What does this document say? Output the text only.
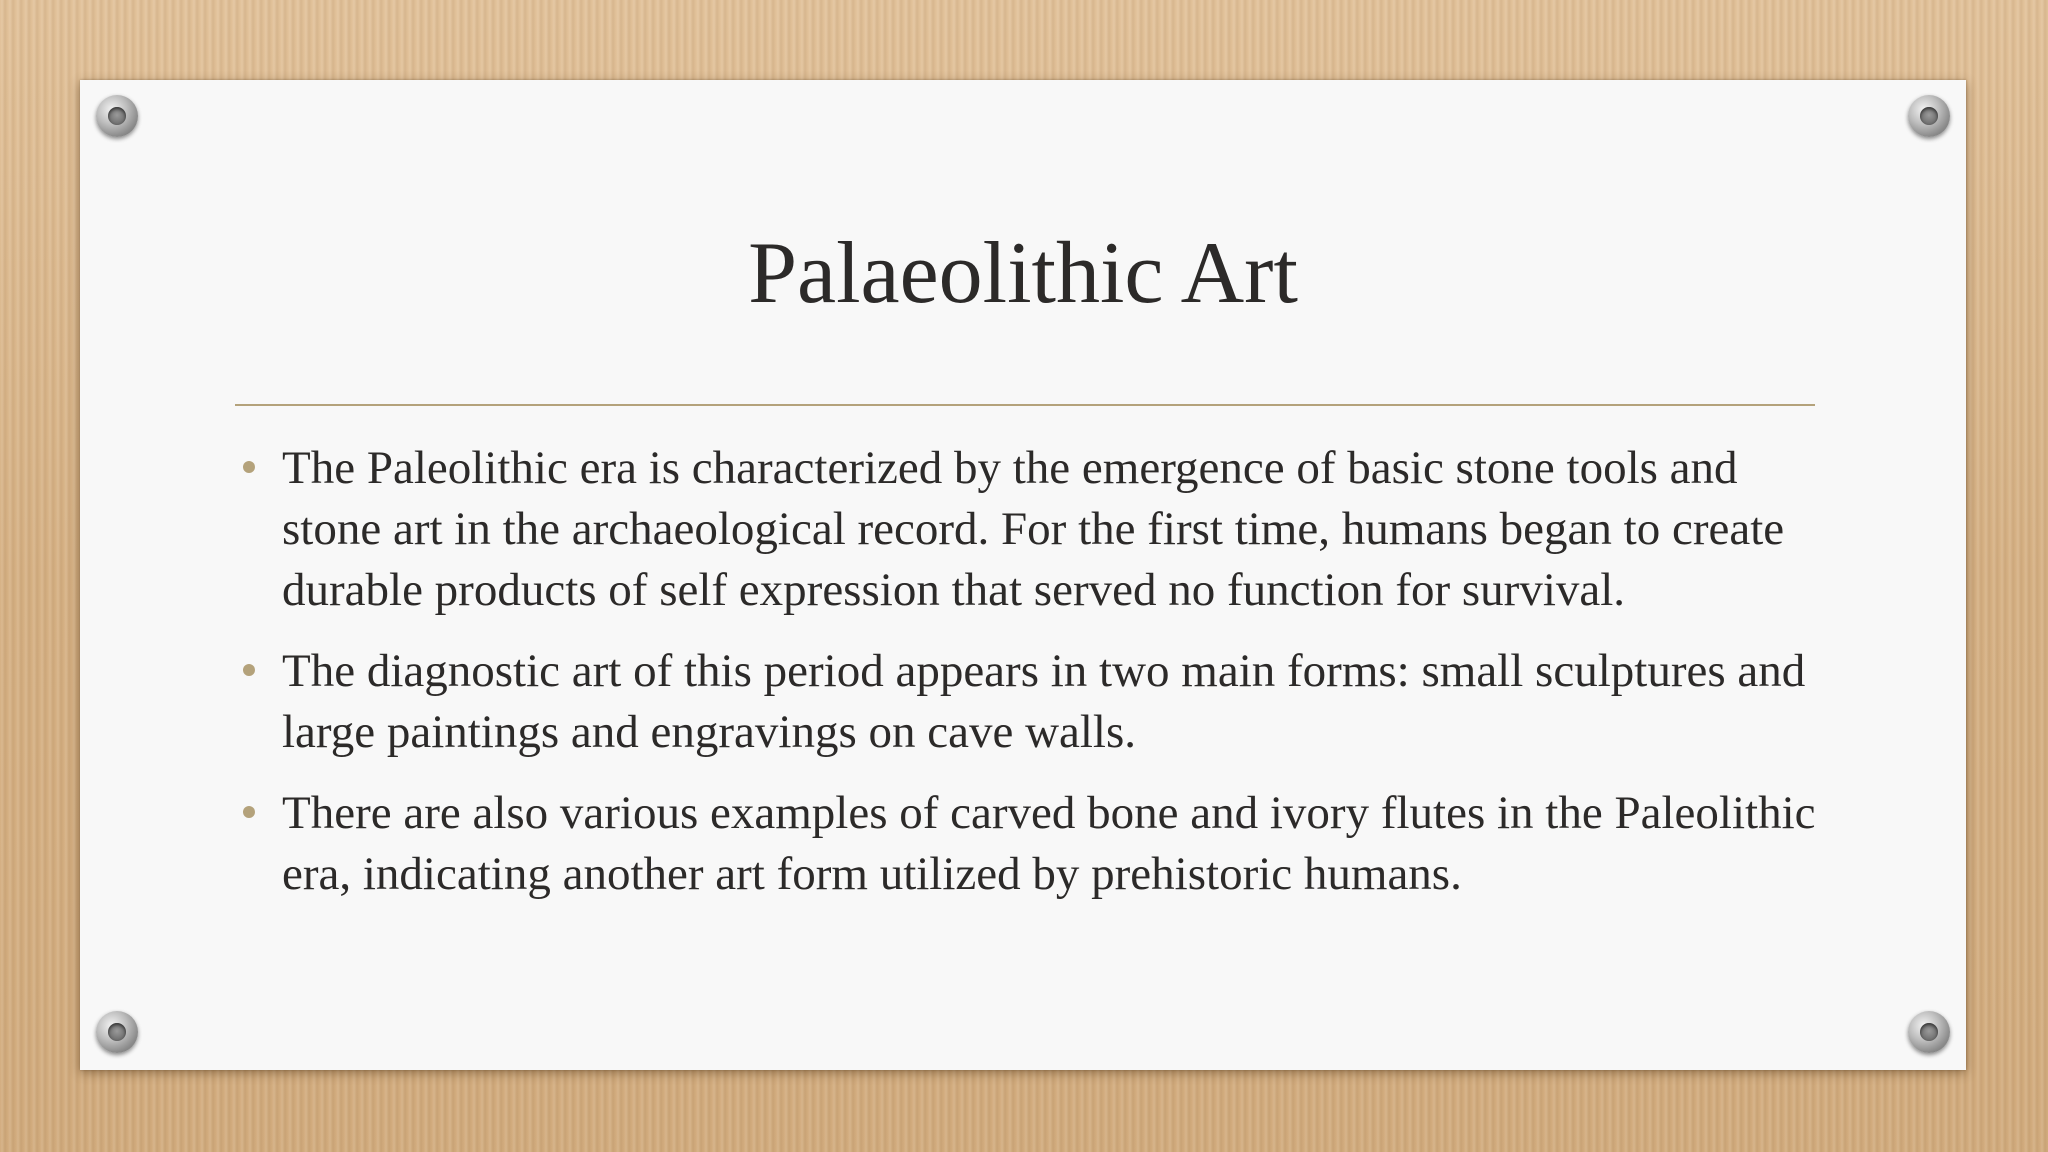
Palaeolithic Art
The Paleolithic era is characterized by the emergence of basic stone tools and stone art in the archaeological record. For the first time, humans began to create durable products of self expression that served no function for survival.
The diagnostic art of this period appears in two main forms: small sculptures and large paintings and engravings on cave walls.
There are also various examples of carved bone and ivory flutes in the Paleolithic era, indicating another art form utilized by prehistoric humans.
